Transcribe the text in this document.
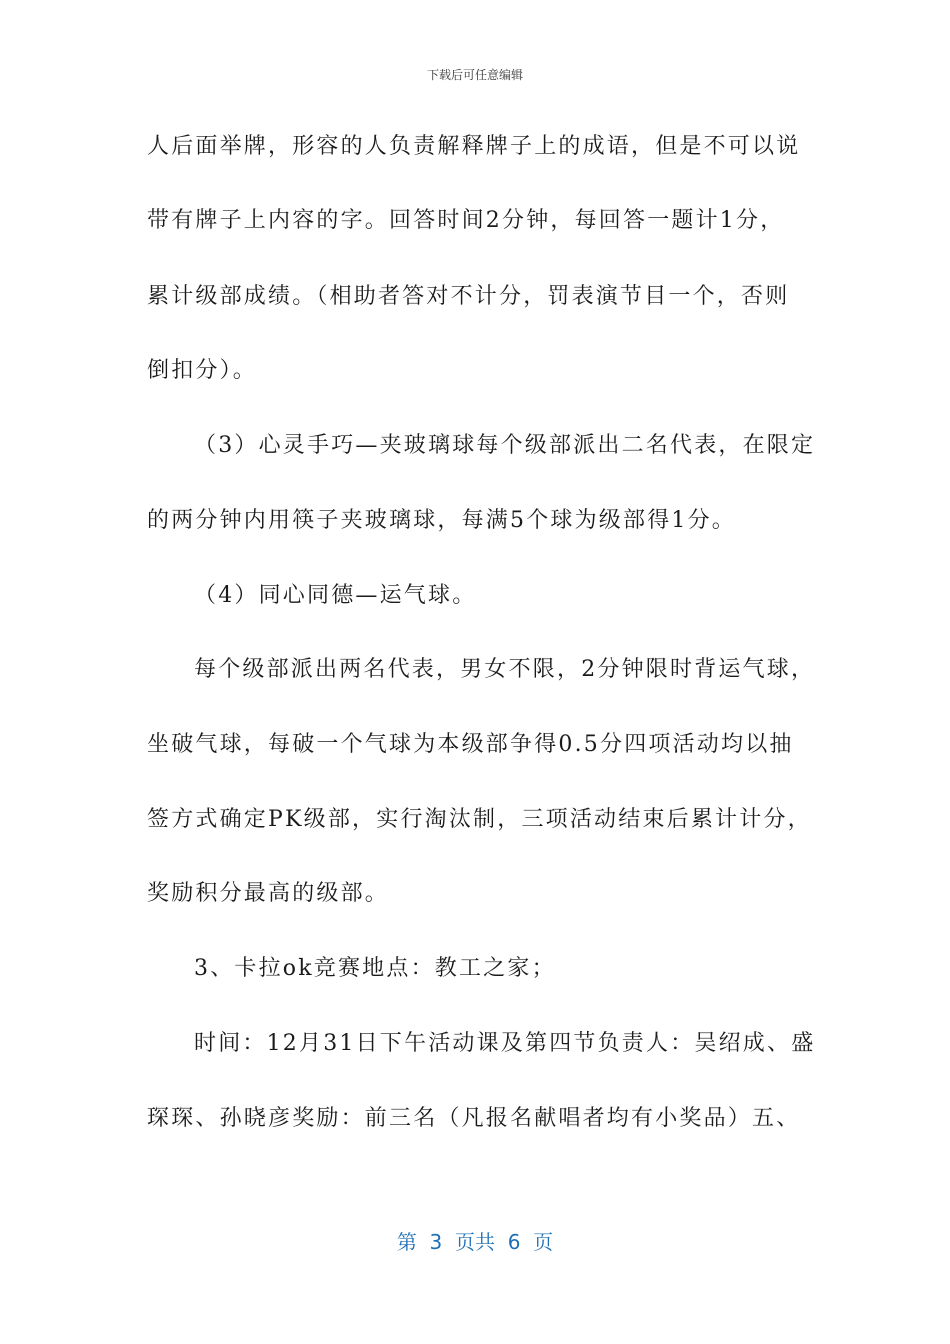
下载后可任意编辑
人后面举牌，形容的人负责解释牌子上的成语，但是不可以说
带有牌子上内容的字。回答时间2分钟，每回答一题计1分，
累计级部成绩。（相助者答对不计分，罚表演节目一个，否则
倒扣分）。
（3）心灵手巧—夹玻璃球每个级部派出二名代表，在限定
的两分钟内用筷子夹玻璃球，每满5个球为级部得1分。
（4）同心同德—运气球。
每个级部派出两名代表，男女不限，2分钟限时背运气球，
坐破气球，每破一个气球为本级部争得0.5分四项活动均以抽
签方式确定PK级部，实行淘汰制，三项活动结束后累计计分，
奖励积分最高的级部。
3、卡拉ok竞赛地点：教工之家；
时间：12月31日下午活动课及第四节负责人：吴绍成、盛
琛琛、孙晓彦奖励：前三名（凡报名献唱者均有小奖品）五、
第  3  页共  6  页
